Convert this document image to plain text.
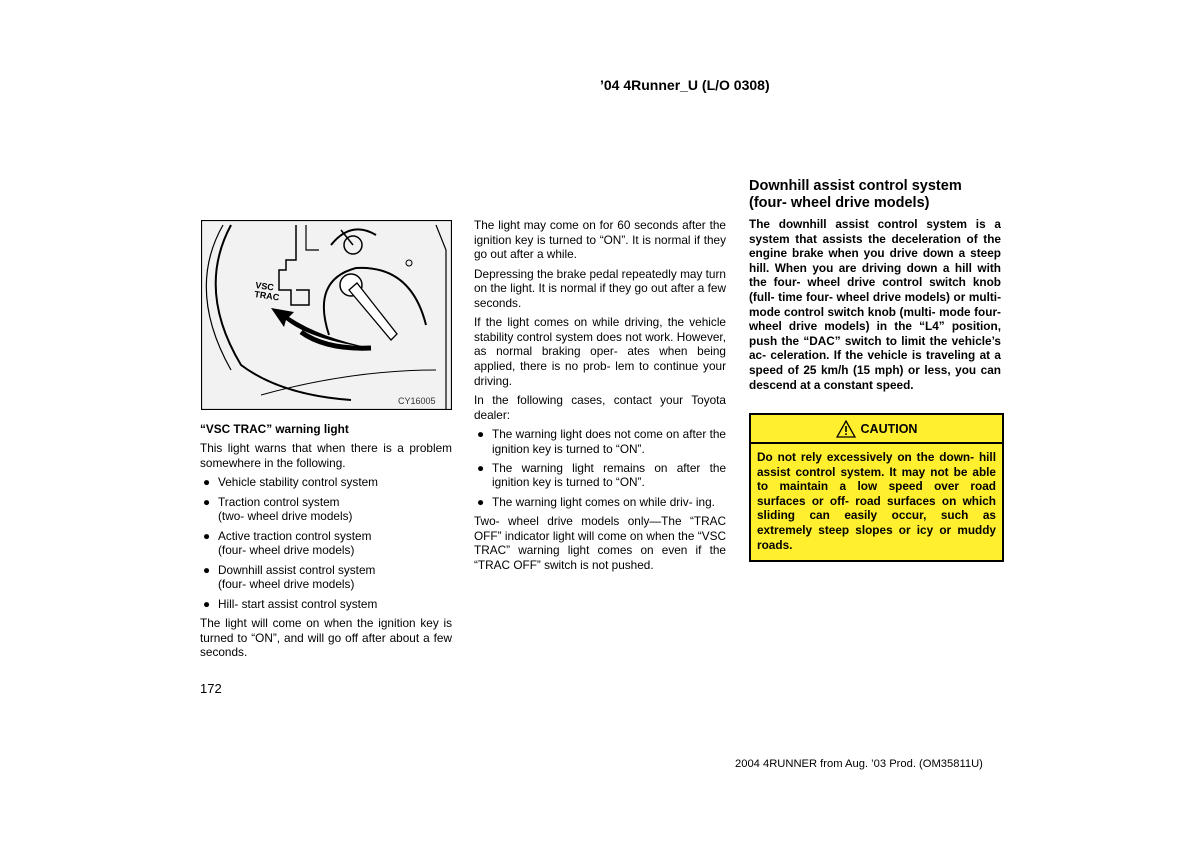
’04 4Runner_U (L/O 0308)
VSC
TRAC
CY16005

“VSC TRAC” warning light

This light warns that when there is a problem somewhere in the following.

● Vehicle stability control system
● Traction control system
(two- wheel drive models)
● Active traction control system
(four- wheel drive models)
● Downhill assist control system
(four- wheel drive models)
● Hill- start assist control system

The light will come on when the ignition key is turned to “ON”, and will go off after about a few seconds.

The light may come on for 60 seconds after the ignition key is turned to “ON”. It is normal if they go out after a while.

Depressing the brake pedal repeatedly may turn on the light. It is normal if they go out after a few seconds.

If the light comes on while driving, the vehicle stability control system does not work. However, as normal braking oper- ates when being applied, there is no prob- lem to continue your driving.

In the following cases, contact your Toyota dealer:

● The warning light does not come on after the ignition key is turned to “ON”.

● The warning light remains on after the ignition key is turned to “ON”.

● The warning light comes on while driv- ing.

Two- wheel drive models only—The “TRAC OFF” indicator light will come on when the “VSC TRAC” warning light comes on even if the “TRAC OFF” switch is not pushed.

Downhill assist control system
(four- wheel drive models)

The downhill assist control system is a system that assists the deceleration of the engine brake when you drive down a steep hill. When you are driving down a hill with the four- wheel drive control switch knob (full- time four- wheel drive models) or multi- mode control switch knob (multi- mode four- wheel drive models) in the “L4” position, push the “DAC” switch to limit the vehicle’s ac- celeration. If the vehicle is traveling at a speed of 25 km/h (15 mph) or less, you can descend at a constant speed.

CAUTION
Do not rely excessively on the down- hill assist control system. It may not be able to maintain a low speed over road surfaces or off- road surfaces on which sliding can easily occur, such as extremely steep slopes or icy or muddy roads.
172
2004 4RUNNER from Aug. ’03 Prod. (OM35811U)
